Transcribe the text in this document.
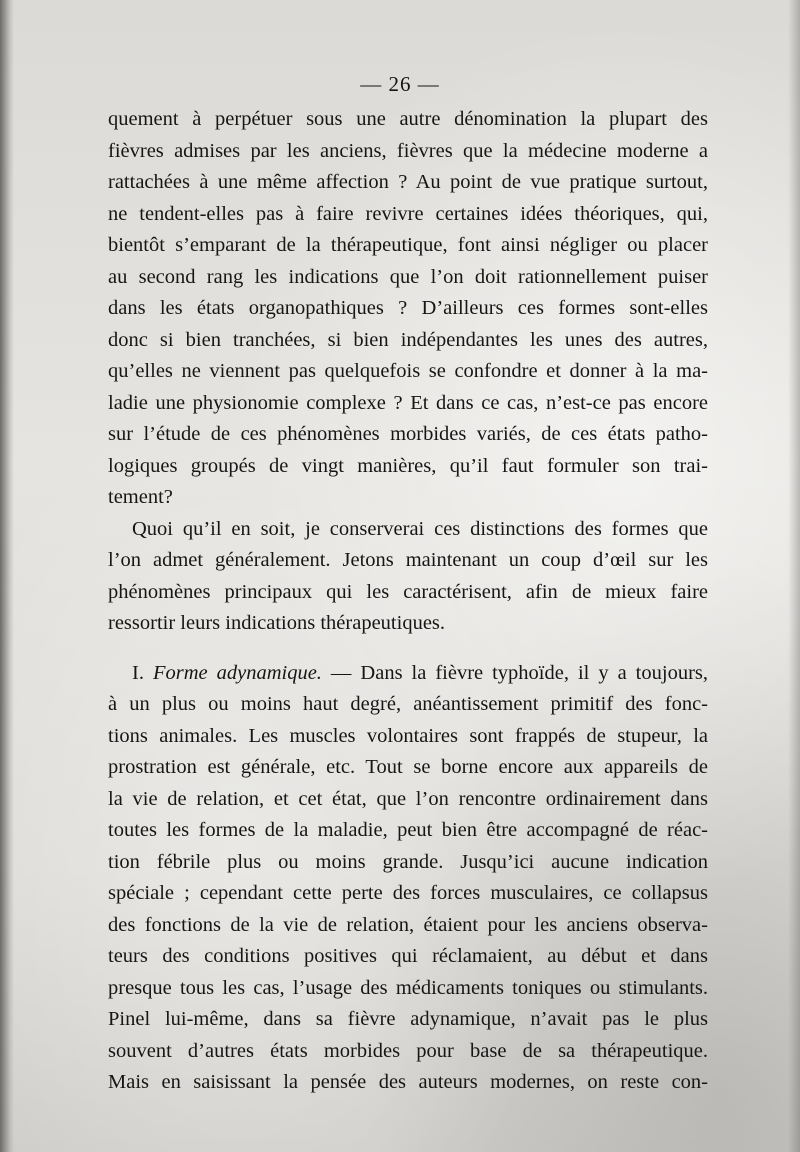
— 26 —
quement à perpétuer sous une autre dénomination la plupart des
fièvres admises par les anciens, fièvres que la médecine moderne a
rattachées à une même affection ? Au point de vue pratique surtout,
ne tendent-elles pas à faire revivre certaines idées théoriques, qui,
bientôt s’emparant de la thérapeutique, font ainsi négliger ou placer
au second rang les indications que l’on doit rationnellement puiser
dans les états organopathiques ? D’ailleurs ces formes sont-elles
donc si bien tranchées, si bien indépendantes les unes des autres,
qu’elles ne viennent pas quelquefois se confondre et donner à la ma-
ladie une physionomie complexe ? Et dans ce cas, n’est-ce pas encore
sur l’étude de ces phénomènes morbides variés, de ces états patho-
logiques groupés de vingt manières, qu’il faut formuler son trai-
tement?
Quoi qu’il en soit, je conserverai ces distinctions des formes que
l’on admet généralement. Jetons maintenant un coup d’œil sur les
phénomènes principaux qui les caractérisent, afin de mieux faire
ressortir leurs indications thérapeutiques.
I. Forme adynamique. — Dans la fièvre typhoïde, il y a toujours,
à un plus ou moins haut degré, anéantissement primitif des fonc-
tions animales. Les muscles volontaires sont frappés de stupeur, la
prostration est générale, etc. Tout se borne encore aux appareils de
la vie de relation, et cet état, que l’on rencontre ordinairement dans
toutes les formes de la maladie, peut bien être accompagné de réac-
tion fébrile plus ou moins grande. Jusqu’ici aucune indication
spéciale ; cependant cette perte des forces musculaires, ce collapsus
des fonctions de la vie de relation, étaient pour les anciens observa-
teurs des conditions positives qui réclamaient, au début et dans
presque tous les cas, l’usage des médicaments toniques ou stimulants.
Pinel lui-même, dans sa fièvre adynamique, n’avait pas le plus
souvent d’autres états morbides pour base de sa thérapeutique.
Mais en saisissant la pensée des auteurs modernes, on reste con-
